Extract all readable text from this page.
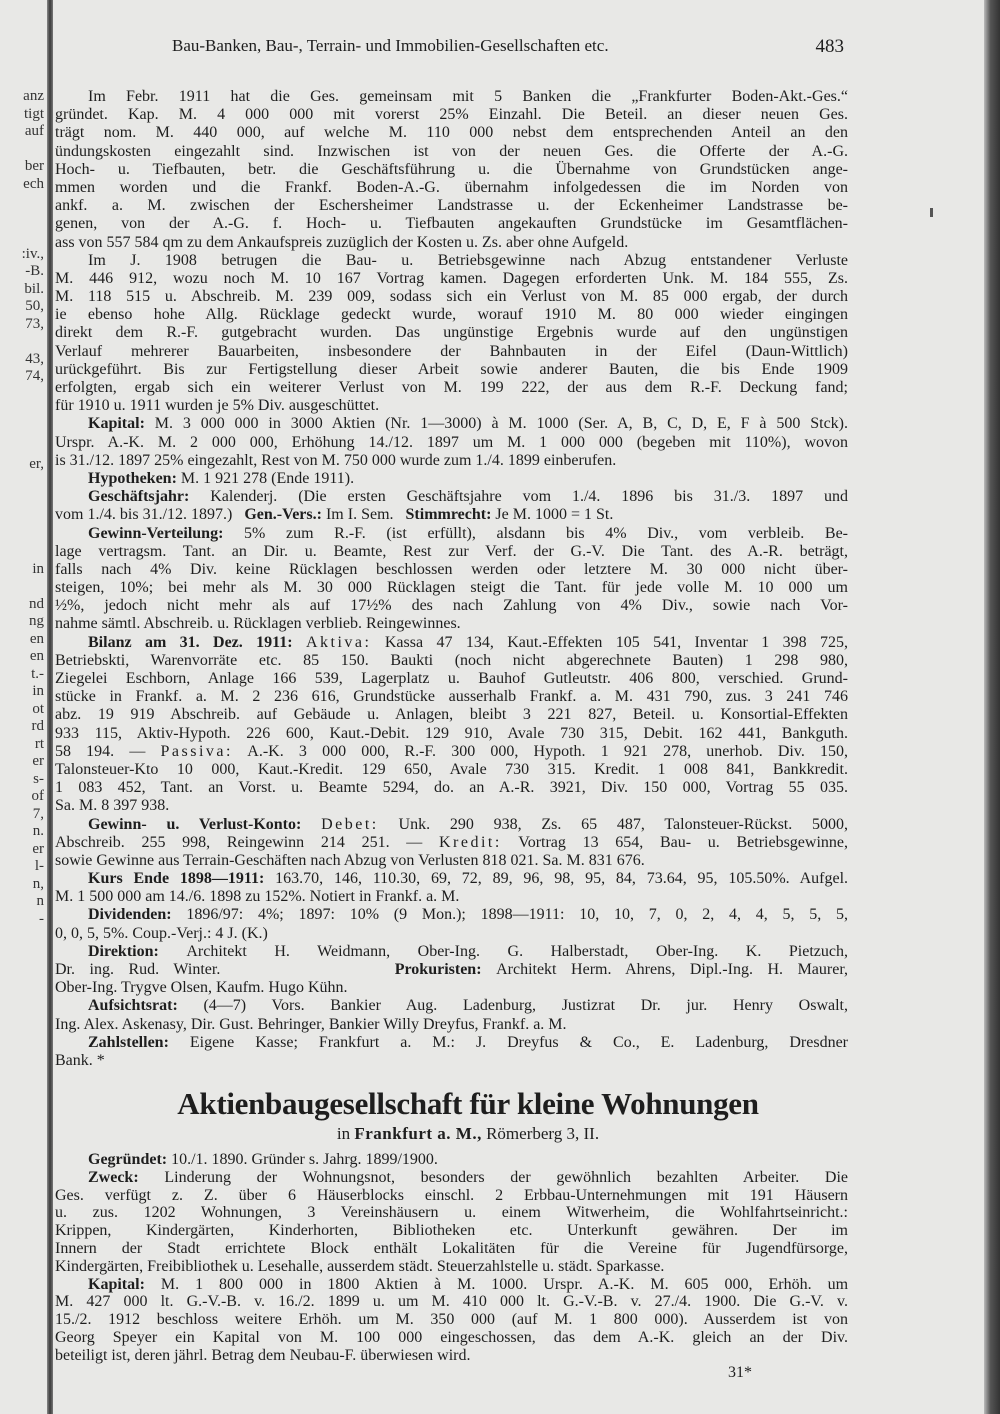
anz
tigt
auf
ber
ech
:iv.,
-B.
bil.
50,
73,
43,
74,
er,
in
nd
ng
en
en
t.-
in
ot
rd
rt
er
s-
of
7,
n.
er
l-
n,
n
-
Bau-Banken, Bau-, Terrain- und Immobilien-Gesellschaften etc.	483
Im Febr. 1911 hat die Ges. gemeinsam mit 5 Banken die „Frankfurter Boden-Akt.-Ges.“
gründet. Kap. M. 4 000 000 mit vorerst 25% Einzahl. Die Beteil. an dieser neuen Ges.
trägt nom. M. 440 000, auf welche M. 110 000 nebst dem entsprechenden Anteil an den
ündungskosten eingezahlt sind. Inzwischen ist von der neuen Ges. die Offerte der A.-G.
Hoch- u. Tiefbauten, betr. die Geschäftsführung u. die Übernahme von Grundstücken ange-
mmen worden und die Frankf. Boden-A.-G. übernahm infolgedessen die im Norden von
ankf. a. M. zwischen der Eschersheimer Landstrasse u. der Eckenheimer Landstrasse be-
genen, von der A.-G. f. Hoch- u. Tiefbauten angekauften Grundstücke im Gesamtflächen-
ass von 557 584 qm zu dem Ankaufspreis zuzüglich der Kosten u. Zs. aber ohne Aufgeld.
Im J. 1908 betrugen die Bau- u. Betriebsgewinne nach Abzug entstandener Verluste
M. 446 912, wozu noch M. 10 167 Vortrag kamen. Dagegen erforderten Unk. M. 184 555, Zs.
M. 118 515 u. Abschreib. M. 239 009, sodass sich ein Verlust von M. 85 000 ergab, der durch
ie ebenso hohe Allg. Rücklage gedeckt wurde, worauf 1910 M. 80 000 wieder eingingen
direkt dem R.-F. gutgebracht wurden. Das ungünstige Ergebnis wurde auf den ungünstigen
Verlauf mehrerer Bauarbeiten, insbesondere der Bahnbauten in der Eifel (Daun-Wittlich)
urückgeführt. Bis zur Fertigstellung dieser Arbeit sowie anderer Bauten, die bis Ende 1909
erfolgten, ergab sich ein weiterer Verlust von M. 199 222, der aus dem R.-F. Deckung fand;
für 1910 u. 1911 wurden je 5% Div. ausgeschüttet.
Kapital: M. 3 000 000 in 3000 Aktien (Nr. 1—3000) à M. 1000 (Ser. A, B, C, D, E, F à 500 Stck).
Urspr. A.-K. M. 2 000 000, Erhöhung 14./12. 1897 um M. 1 000 000 (begeben mit 110%), wovon
is 31./12. 1897 25% eingezahlt, Rest von M. 750 000 wurde zum 1./4. 1899 einberufen.
Hypotheken: M. 1 921 278 (Ende 1911).
Geschäftsjahr: Kalenderj. (Die ersten Geschäftsjahre vom 1./4. 1896 bis 31./3. 1897 und
vom 1./4. bis 31./12. 1897.)   Gen.-Vers.: Im I. Sem.   Stimmrecht: Je M. 1000 = 1 St.
Gewinn-Verteilung: 5% zum R.-F. (ist erfüllt), alsdann bis 4% Div., vom verbleib. Be-
lage vertragsm. Tant. an Dir. u. Beamte, Rest zur Verf. der G.-V. Die Tant. des A.-R. beträgt,
falls nach 4% Div. keine Rücklagen beschlossen werden oder letztere M. 30 000 nicht über-
steigen, 10%; bei mehr als M. 30 000 Rücklagen steigt die Tant. für jede volle M. 10 000 um
½%, jedoch nicht mehr als auf 17½% des nach Zahlung von 4% Div., sowie nach Vor-
nahme sämtl. Abschreib. u. Rücklagen verblieb. Reingewinnes.
Bilanz am 31. Dez. 1911: Aktiva: Kassa 47 134, Kaut.-Effekten 105 541, Inventar 1 398 725,
Betriebskti, Warenvorräte etc. 85 150. Baukti (noch nicht abgerechnete Bauten) 1 298 980,
Ziegelei Eschborn, Anlage 166 539, Lagerplatz u. Bauhof Gutleutstr. 406 800, verschied. Grund-
stücke in Frankf. a. M. 2 236 616, Grundstücke ausserhalb Frankf. a. M. 431 790, zus. 3 241 746
abz. 19 919 Abschreib. auf Gebäude u. Anlagen, bleibt 3 221 827, Beteil. u. Konsortial-Effekten
933 115, Aktiv-Hypoth. 226 600, Kaut.-Debit. 129 910, Avale 730 315, Debit. 162 441, Bankguth.
58 194. — Passiva: A.-K. 3 000 000, R.-F. 300 000, Hypoth. 1 921 278, unerhob. Div. 150,
Talonsteuer-Kto 10 000, Kaut.-Kredit. 129 650, Avale 730 315. Kredit. 1 008 841, Bankkredit.
1 083 452, Tant. an Vorst. u. Beamte 5294, do. an A.-R. 3921, Div. 150 000, Vortrag 55 035.
Sa. M. 8 397 938.
Gewinn- u. Verlust-Konto: Debet: Unk. 290 938, Zs. 65 487, Talonsteuer-Rückst. 5000,
Abschreib. 255 998, Reingewinn 214 251. — Kredit: Vortrag 13 654, Bau- u. Betriebsgewinne,
sowie Gewinne aus Terrain-Geschäften nach Abzug von Verlusten 818 021. Sa. M. 831 676.
Kurs Ende 1898—1911: 163.70, 146, 110.30, 69, 72, 89, 96, 98, 95, 84, 73.64, 95, 105.50%. Aufgel.
M. 1 500 000 am 14./6. 1898 zu 152%. Notiert in Frankf. a. M.
Dividenden: 1896/97: 4%; 1897: 10% (9 Mon.); 1898—1911: 10, 10, 7, 0, 2, 4, 4, 5, 5, 5,
0, 0, 5, 5%. Coup.-Verj.: 4 J. (K.)
Direktion: Architekt H. Weidmann, Ober-Ing. G. Halberstadt, Ober-Ing. K. Pietzuch,
Dr. ing. Rud. Winter.            Prokuristen: Architekt Herm. Ahrens, Dipl.-Ing. H. Maurer,
Ober-Ing. Trygve Olsen, Kaufm. Hugo Kühn.
Aufsichtsrat: (4—7) Vors. Bankier Aug. Ladenburg, Justizrat Dr. jur. Henry Oswalt,
Ing. Alex. Askenasy, Dir. Gust. Behringer, Bankier Willy Dreyfus, Frankf. a. M.
Zahlstellen: Eigene Kasse; Frankfurt a. M.: J. Dreyfus & Co., E. Ladenburg, Dresdner
Bank. *
Aktienbaugesellschaft für kleine Wohnungen
in Frankfurt a. M., Römerberg 3, II.
Gegründet: 10./1. 1890. Gründer s. Jahrg. 1899/1900.
Zweck: Linderung der Wohnungsnot, besonders der gewöhnlich bezahlten Arbeiter. Die
Ges. verfügt z. Z. über 6 Häuserblocks einschl. 2 Erbbau-Unternehmungen mit 191 Häusern
u. zus. 1202 Wohnungen, 3 Vereinshäusern u. einem Witwerheim, die Wohlfahrtseinricht.:
Krippen, Kindergärten, Kinderhorten, Bibliotheken etc. Unterkunft gewähren. Der im
Innern der Stadt errichtete Block enthält Lokalitäten für die Vereine für Jugendfürsorge,
Kindergärten, Freibibliothek u. Lesehalle, ausserdem städt. Steuerzahlstelle u. städt. Sparkasse.
Kapital: M. 1 800 000 in 1800 Aktien à M. 1000. Urspr. A.-K. M. 605 000, Erhöh. um
M. 427 000 lt. G.-V.-B. v. 16./2. 1899 u. um M. 410 000 lt. G.-V.-B. v. 27./4. 1900. Die G.-V. v.
15./2. 1912 beschloss weitere Erhöh. um M. 350 000 (auf M. 1 800 000). Ausserdem ist von
Georg Speyer ein Kapital von M. 100 000 eingeschossen, das dem A.-K. gleich an der Div.
beteiligt ist, deren jährl. Betrag dem Neubau-F. überwiesen wird.
31*
